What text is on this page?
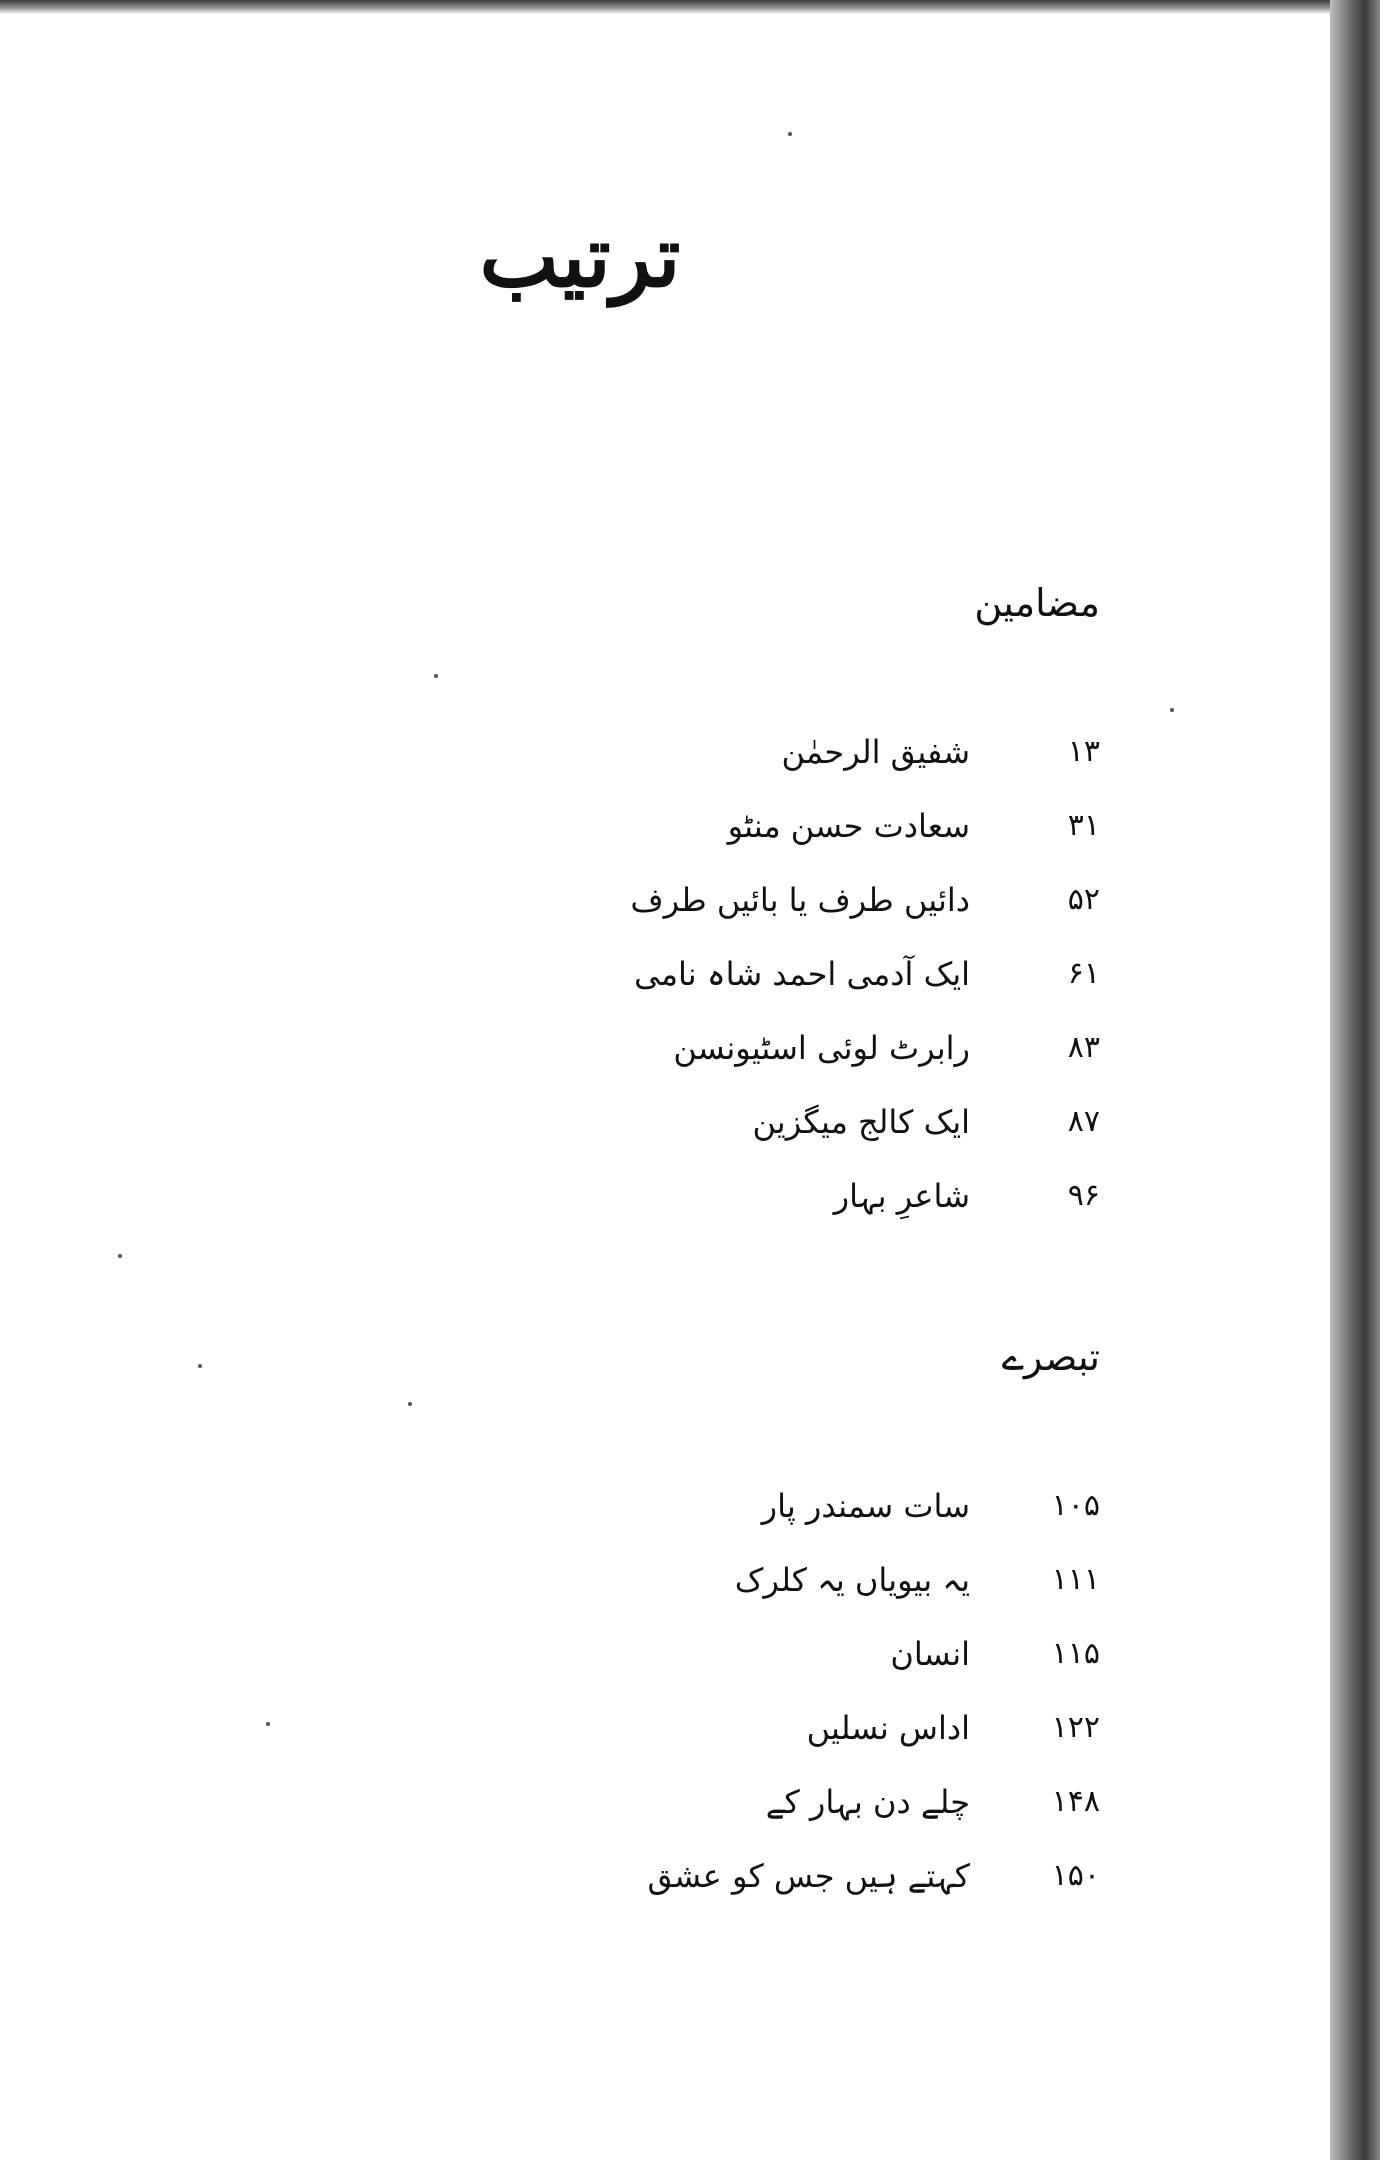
ترتیب
مضامین
۱۳
شفیق الرحمٰن
۳۱
سعادت حسن منٹو
۵۲
دائیں طرف یا بائیں طرف
۶۱
ایک آدمی احمد شاہ نامی
۸۳
رابرٹ لوئی اسٹیونسن
۸۷
ایک کالج میگزین
۹۶
شاعرِ بہار
تبصرے
۱۰۵
سات سمندر پار
۱۱۱
یہ بیویاں یہ کلرک
۱۱۵
انسان
۱۲۲
اداس نسلیں
۱۴۸
چلے دن بہار کے
۱۵۰
کہتے ہیں جس کو عشق
